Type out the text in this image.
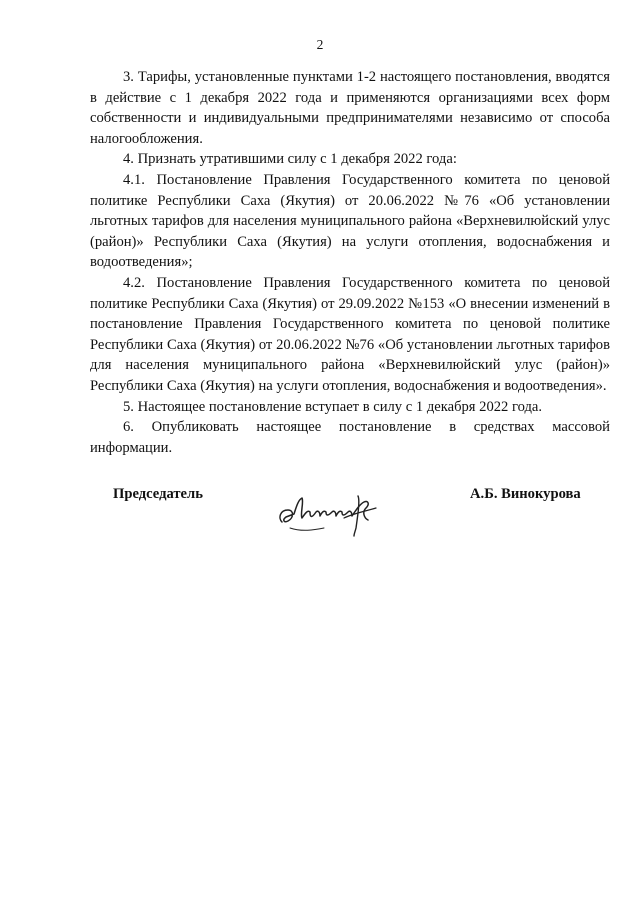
2

3. Тарифы, установленные пунктами 1-2 настоящего постановления, вводятся в действие с 1 декабря 2022 года и применяются организациями всех форм собственности и индивидуальными предпринимателями независимо от способа налогообложения.

4. Признать утратившими силу с 1 декабря 2022 года:

4.1. Постановление Правления Государственного комитета по ценовой политике Республики Саха (Якутия) от 20.06.2022 №76 «Об установлении льготных тарифов для населения муниципального района «Верхневилюйский улус (район)» Республики Саха (Якутия) на услуги отопления, водоснабжения и водоотведения»;

4.2. Постановление Правления Государственного комитета по ценовой политике Республики Саха (Якутия) от 29.09.2022 №153 «О внесении изменений в постановление Правления Государственного комитета по ценовой политике Республики Саха (Якутия) от 20.06.2022 №76 «Об установлении льготных тарифов для населения муниципального района «Верхневилюйский улус (район)» Республики Саха (Якутия) на услуги отопления, водоснабжения и водоотведения».

5. Настоящее постановление вступает в силу с 1 декабря 2022 года.

6. Опубликовать настоящее постановление в средствах массовой информации.

Председатель	А.Б. Винокурова
